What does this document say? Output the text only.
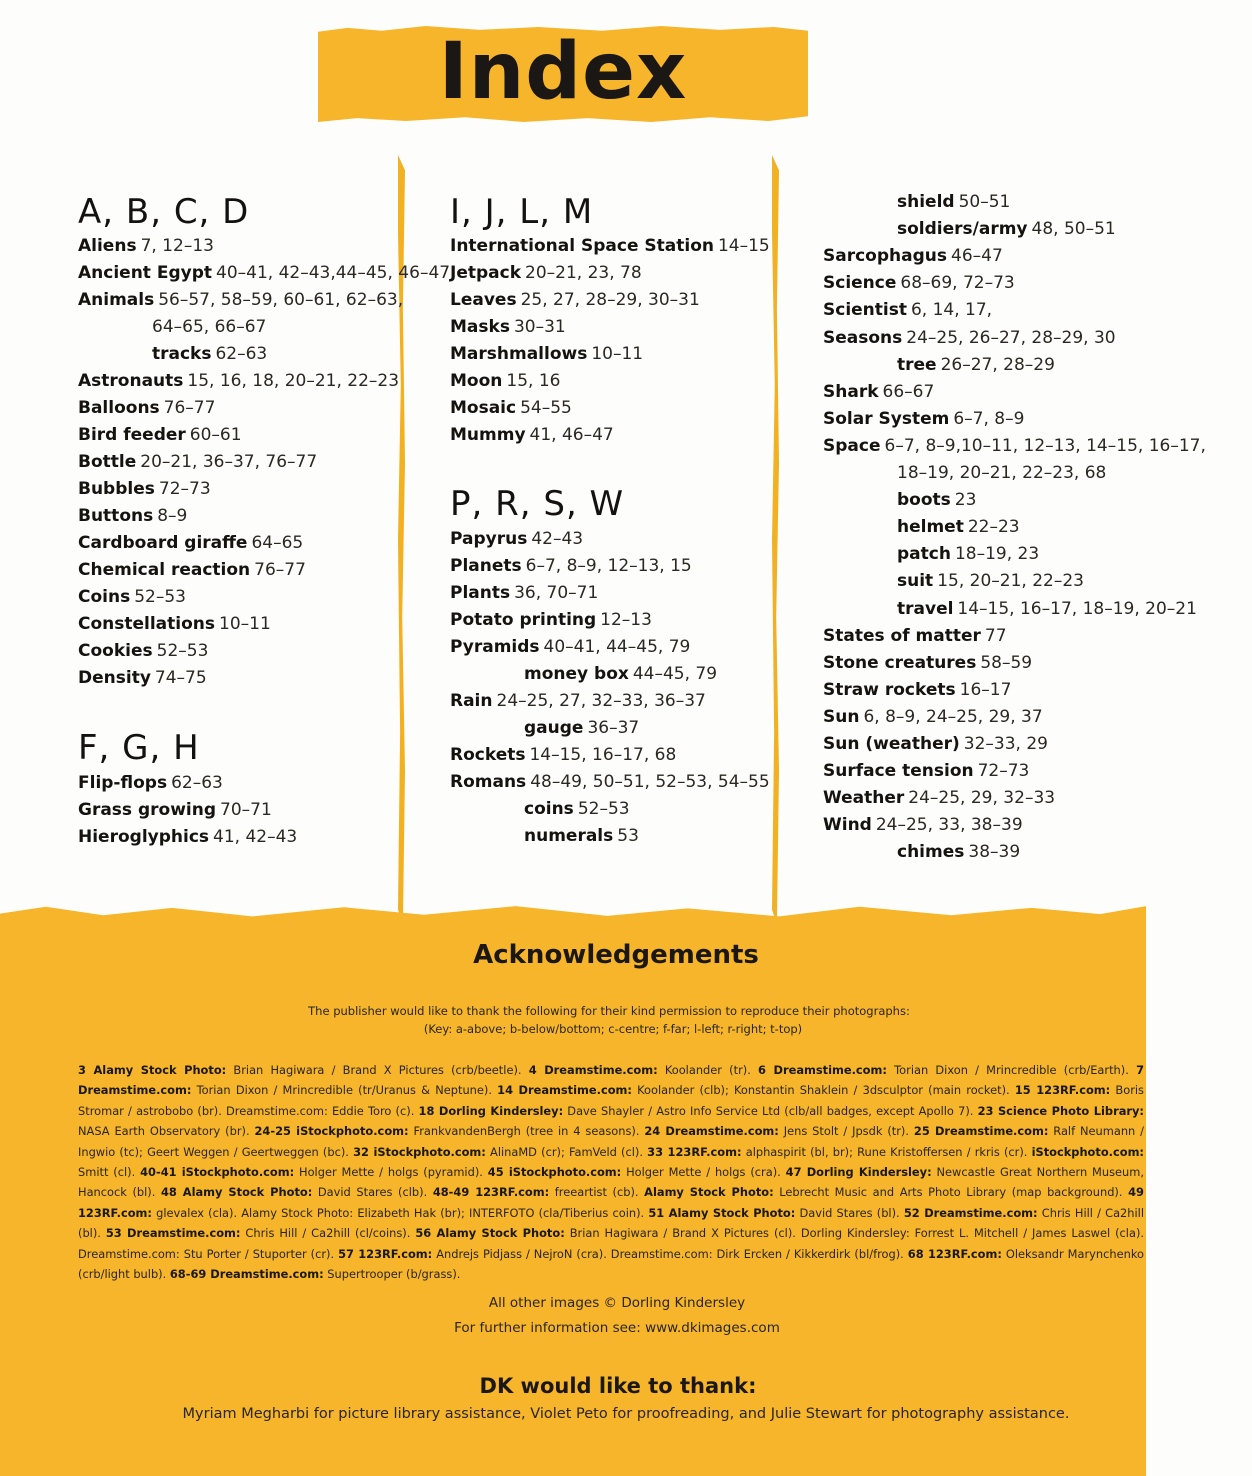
Index
A, B, C, D
Aliens 7, 12–13
Ancient Egypt 40–41, 42–43,44–45, 46–47
Animals 56–57, 58–59, 60–61, 62–63,
64–65, 66–67
tracks 62–63
Astronauts 15, 16, 18, 20–21, 22–23
Balloons 76–77
Bird feeder 60–61
Bottle 20–21, 36–37, 76–77
Bubbles 72–73
Buttons 8–9
Cardboard giraffe 64–65
Chemical reaction 76–77
Coins 52–53
Constellations 10–11
Cookies 52–53
Density 74–75
F, G, H
Flip-flops 62–63
Grass growing 70–71
Hieroglyphics 41, 42–43
I, J, L, M
International Space Station 14–15
Jetpack 20–21, 23, 78
Leaves 25, 27, 28–29, 30–31
Masks 30–31
Marshmallows 10–11
Moon 15, 16
Mosaic 54–55
Mummy 41, 46–47
P, R, S, W
Papyrus 42–43
Planets 6–7, 8–9, 12–13, 15
Plants 36, 70–71
Potato printing 12–13
Pyramids 40–41, 44–45, 79
money box 44–45, 79
Rain 24–25, 27, 32–33, 36–37
gauge 36–37
Rockets 14–15, 16–17, 68
Romans 48–49, 50–51, 52–53, 54–55
coins 52–53
numerals 53
shield 50–51
soldiers/army 48, 50–51
Sarcophagus 46–47
Science 68–69, 72–73
Scientist 6, 14, 17,
Seasons 24–25, 26–27, 28–29, 30
tree 26–27, 28–29
Shark 66–67
Solar System 6–7, 8–9
Space 6–7, 8–9,10–11, 12–13, 14–15, 16–17,
18–19, 20–21, 22–23, 68
boots 23
helmet 22–23
patch 18–19, 23
suit 15, 20–21, 22–23
travel 14–15, 16–17, 18–19, 20–21
States of matter 77
Stone creatures 58–59
Straw rockets 16–17
Sun 6, 8–9, 24–25, 29, 37
Sun (weather) 32–33, 29
Surface tension 72–73
Weather 24–25, 29, 32–33
Wind 24–25, 33, 38–39
chimes 38–39
Acknowledgements
The publisher would like to thank the following for their kind permission to reproduce their photographs:
(Key: a-above; b-below/bottom; c-centre; f-far; l-left; r-right; t-top)
3 Alamy Stock Photo: Brian Hagiwara / Brand X Pictures (crb/beetle). 4 Dreamstime.com: Koolander (tr). 6 Dreamstime.com: Torian Dixon / Mrincredible (crb/Earth). 7 Dreamstime.com: Torian Dixon / Mrincredible (tr/Uranus & Neptune). 14 Dreamstime.com: Koolander (clb); Konstantin Shaklein / 3dsculptor (main rocket). 15 123RF.com: Boris Stromar / astrobobo (br). Dreamstime.com: Eddie Toro (c). 18 Dorling Kindersley: Dave Shayler / Astro Info Service Ltd (clb/all badges, except Apollo 7). 23 Science Photo Library: NASA Earth Observatory (br). 24-25 iStockphoto.com: FrankvandenBergh (tree in 4 seasons). 24 Dreamstime.com: Jens Stolt / Jpsdk (tr). 25 Dreamstime.com: Ralf Neumann / Ingwio (tc); Geert Weggen / Geertweggen (bc). 32 iStockphoto.com: AlinaMD (cr); FamVeld (cl). 33 123RF.com: alphaspirit (bl, br); Rune Kristoffersen / rkris (cr). iStockphoto.com: Smitt (cl). 40-41 iStockphoto.com: Holger Mette / holgs (pyramid). 45 iStockphoto.com: Holger Mette / holgs (cra). 47 Dorling Kindersley: Newcastle Great Northern Museum, Hancock (bl). 48 Alamy Stock Photo: David Stares (clb). 48-49 123RF.com: freeartist (cb). Alamy Stock Photo: Lebrecht Music and Arts Photo Library (map background). 49 123RF.com: glevalex (cla). Alamy Stock Photo: Elizabeth Hak (br); INTERFOTO (cla/Tiberius coin). 51 Alamy Stock Photo: David Stares (bl). 52 Dreamstime.com: Chris Hill / Ca2hill (bl). 53 Dreamstime.com: Chris Hill / Ca2hill (cl/coins). 56 Alamy Stock Photo: Brian Hagiwara / Brand X Pictures (cl). Dorling Kindersley: Forrest L. Mitchell / James Laswel (cla). Dreamstime.com: Stu Porter / Stuporter (cr). 57 123RF.com: Andrejs Pidjass / NejroN (cra). Dreamstime.com: Dirk Ercken / Kikkerdirk (bl/frog). 68 123RF.com: Oleksandr Marynchenko (crb/light bulb). 68-69 Dreamstime.com: Supertrooper (b/grass).
All other images © Dorling Kindersley
For further information see: www.dkimages.com
DK would like to thank:
Myriam Megharbi for picture library assistance, Violet Peto for proofreading, and Julie Stewart for photography assistance.
